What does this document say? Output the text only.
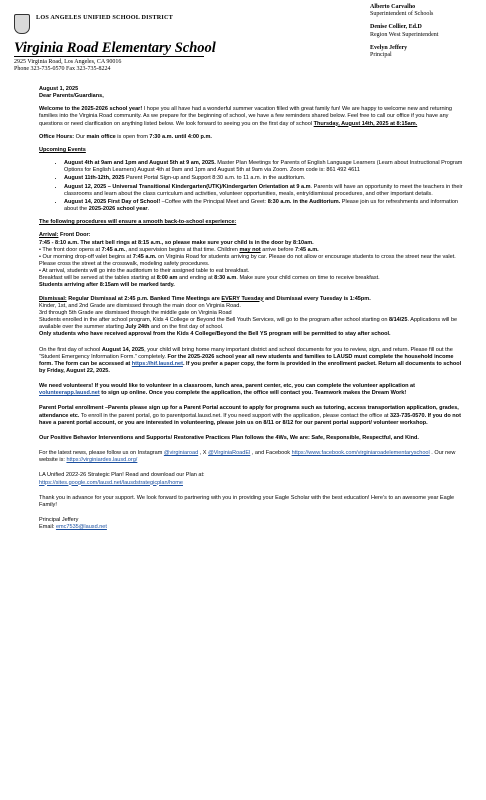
LOS ANGELES UNIFIED SCHOOL DISTRICT
Virginia Road Elementary School
2925 Virginia Road, Los Angeles, CA 90016
Phone 323-735-0570 Fax 323-735-8224
Alberto Carvalho
Superintendent of Schools
Denise Collier, Ed.D
Region West Superintendent
Evelyn Jeffery
Principal

August 1, 2025

Dear Parents/Guardians,

Welcome to the 2025-2026 school year! I hope you all have had a wonderful summer vacation filled with great family fun! We are happy to welcome new and returning families into the Virginia Road community. As we prepare for the beginning of school, we have a few reminders shared below. Feel free to call our office if you have any questions or need clarification on anything listed below. We look forward to seeing you on the first day of school Thursday, August 14th, 2025 at 8:15am.

Office Hours: Our main office is open from 7:30 a.m. until 4:00 p.m.

Upcoming Events

• August 4th at 9am and 1pm and August 5th at 9 am, 2025. Master Plan Meetings for Parents of English Language Learners (Learn about Instructional Program Options for English Learners) August 4th at 9am and 1pm and August 5th at 9am via Zoom. Zoom code is: 861 492 4611
• August 11th-12th, 2025 Parent Portal Sign-up and Support 8:30 a.m. to 11 a.m. in the auditorium.
• August 12, 2025 – Universal Transitional Kindergarten(UTK)/Kindergarten Orientation at 9 a.m. Parents will have an opportunity to meet the teachers in their classrooms and learn about the class curriculum and activities, volunteer opportunities, meals, entry/dismissal procedures, and other important details.
• August 14, 2025 First Day of School! –Coffee with the Principal Meet and Greet: 8:30 a.m. in the Auditorium. Please join us for refreshments and information about the 2025-2026 school year.

The following procedures will ensure a smooth back-to-school experience:

Arrival: Front Door:
7:45 - 8:10 a.m. The start bell rings at 8:15 a.m., so please make sure your child is in the door by 8:10am.
• The front door opens at 7:45 a.m., and supervision begins at that time. Children may not arrive before 7:45 a.m.
• Our morning drop-off valet begins at 7:45 a.m. on Virginia Road for students arriving by car. Please do not allow or encourage students to cross the street near the valet. Please cross the street at the crosswalk, modeling safety procedures.
• At arrival, students will go into the auditorium to their assigned table to eat breakfast.
Breakfast will be served at the tables starting at 8:00 am and ending at 8:30 a.m. Make sure your child comes on time to receive breakfast.
Students arriving after 8:15am will be marked tardy.
Dismissal: Regular Dismissal at 2:45 p.m. Banked Time Meetings are EVERY Tuesday and Dismissal every Tuesday is 1:45pm.
Kinder, 1st, and 2nd Grade are dismissed through the main door on Virginia Road.
3rd through 5th Grade are dismissed through the middle gate on Virginia Road
Students enrolled in the after school program, Kids 4 College or Beyond the Bell Youth Services, will go to the program after school starting on 8/14/25. Applications will be available over the summer starting July 24th and on the first day of school.
Only students who have received approval from the Kids 4 College/Beyond the Bell YS program will be permitted to stay after school.

On the first day of school August 14, 2025, your child will bring home many important district and school documents for you to review, sign, and return. Please fill out the “Student Emergency Information Form.” completely. For the 2025-2026 school year all new students and families to LAUSD must complete the household income form. The form can be accessed at https://hif.lausd.net. If you prefer a paper copy, the form is provided in the enrollment packet. Return all documents to school by Friday, August 22, 2025.

We need volunteers! If you would like to volunteer in a classroom, lunch area, parent center, etc, you can complete the volunteer application at volunteerapp.lausd.net to sign up online. Once you complete the application, the office will contact you. Teamwork makes the Dream Work!

Parent Portal enrollment –Parents please sign up for a Parent Portal account to apply for programs such as tutoring, access transportation application, grades, attendance etc. To enroll in the parent portal, go to parentportal.lausd.net. If you need support with the application, please contact the office at 323-735-0570. If you do not have a parent portal account, or you are interested in volunteering, please join us on 8/11 or 8/12 for our parent portal support/ volunteer workshop.

Our Positive Behavior Interventions and Supports/ Restorative Practices Plan follows the 4Ws, We are: Safe, Responsible, Respectful, and Kind.

For the latest news, please follow us on Instagram @virginiaroad , X @VirginiaRoadEl , and Facebook https://www.facebook.com/virginiaroadelementaryschool . Our new website is: https://virginiardes.lausd.org/

LA Unified 2022-26 Strategic Plan! Read and download our Plan at:
https://sites.google.com/lausd.net/lausdstrategicplan/home

Thank you in advance for your support. We look forward to partnering with you in providing your Eagle Scholar with the best education! Here’s to an awesome year Eagle Family!

Principal Jeffery
Email: emc7535@lausd.net
